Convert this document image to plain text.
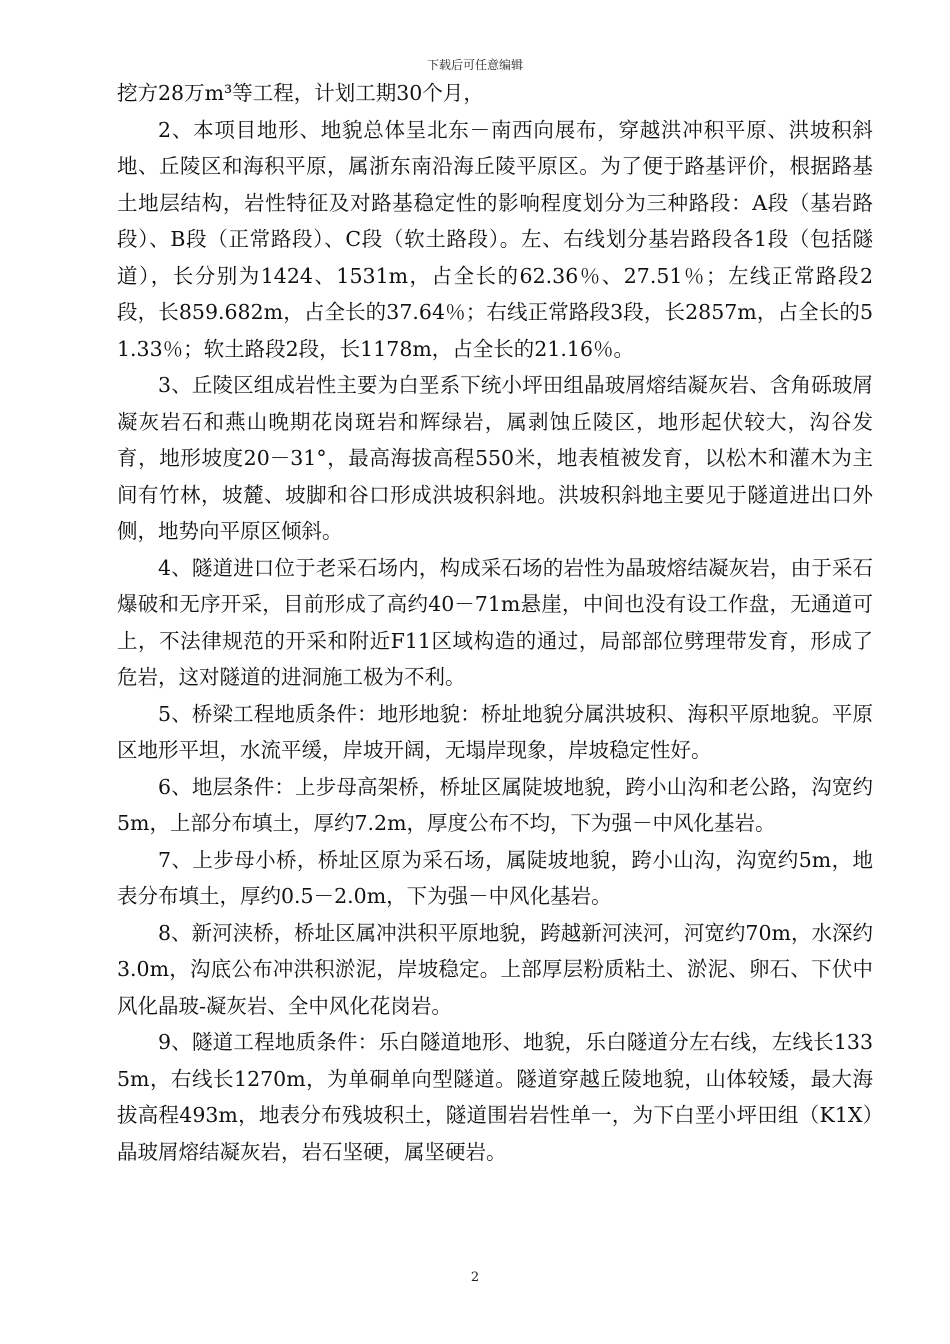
下载后可任意编辑

挖方28万m³等工程，计划工期30个月，

2、本项目地形、地貌总体呈北东－南西向展布，穿越洪冲积平原、洪坡积斜地、丘陵区和海积平原，属浙东南沿海丘陵平原区。为了便于路基评价，根据路基土地层结构，岩性特征及对路基稳定性的影响程度划分为三种路段：A段（基岩路段）、B段（正常路段）、C段（软土路段）。左、右线划分基岩路段各1段（包括隧道），长分别为1424、1531m，占全长的62.36％、27.51％；左线正常路段2段，长859.682m，占全长的37.64％；右线正常路段3段，长2857m，占全长的51.33％；软土路段2段，长1178m，占全长的21.16％。

3、丘陵区组成岩性主要为白垩系下统小坪田组晶玻屑熔结凝灰岩、含角砾玻屑凝灰岩石和燕山晚期花岗斑岩和辉绿岩，属剥蚀丘陵区，地形起伏较大，沟谷发育，地形坡度20－31°，最高海拔高程550米，地表植被发育，以松木和灌木为主间有竹林，坡麓、坡脚和谷口形成洪坡积斜地。洪坡积斜地主要见于隧道进出口外侧，地势向平原区倾斜。

4、隧道进口位于老采石场内，构成采石场的岩性为晶玻熔结凝灰岩，由于采石爆破和无序开采，目前形成了高约40－71m悬崖，中间也没有设工作盘，无通道可上，不法律规范的开采和附近F11区域构造的通过，局部部位劈理带发育，形成了危岩，这对隧道的进洞施工极为不利。

5、桥梁工程地质条件：地形地貌：桥址地貌分属洪坡积、海积平原地貌。平原区地形平坦，水流平缓，岸坡开阔，无塌岸现象，岸坡稳定性好。

6、地层条件：上步母高架桥，桥址区属陡坡地貌，跨小山沟和老公路，沟宽约5m，上部分布填土，厚约7.2m，厚度公布不均，下为强－中风化基岩。

7、上步母小桥，桥址区原为采石场，属陡坡地貌，跨小山沟，沟宽约5m，地表分布填土，厚约0.5－2.0m，下为强－中风化基岩。

8、新河浃桥，桥址区属冲洪积平原地貌，跨越新河浃河，河宽约70m，水深约3.0m，沟底公布冲洪积淤泥，岸坡稳定。上部厚层粉质粘土、淤泥、卵石、下伏中风化晶玻-凝灰岩、全中风化花岗岩。

9、隧道工程地质条件：乐白隧道地形、地貌，乐白隧道分左右线，左线长1335m，右线长1270m，为单硐单向型隧道。隧道穿越丘陵地貌，山体较矮，最大海拔高程493m，地表分布残坡积土，隧道围岩岩性单一，为下白垩小坪田组（K1X）晶玻屑熔结凝灰岩，岩石坚硬，属坚硬岩。

2
